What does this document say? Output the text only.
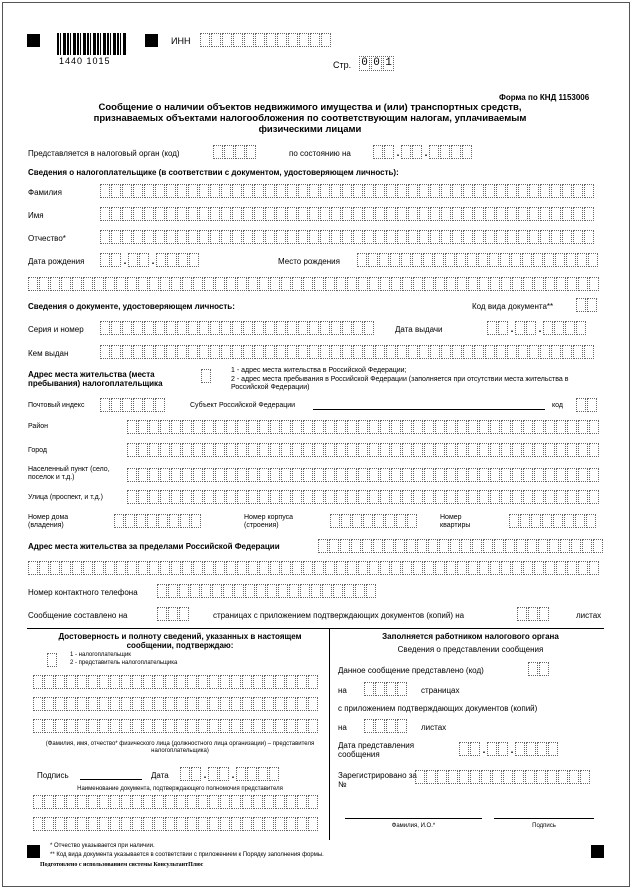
1440 1015
ИНН
Стр. 0 0 1
Форма по КНД 1153006
Сообщение о наличии объектов недвижимого имущества и (или) транспортных средств, признаваемых объектами налогообложения по соответствующим налогам, уплачиваемым физическими лицами
Представляется в налоговый орган (код)	по состоянию на	.	.
Сведения о налогоплательщике (в соответствии с документом, удостоверяющем личность):
Фамилия
Имя
Отчество*
Дата рождения	.	.	Место рождения
Сведения о документе, удостоверяющем личность:	Код вида документа**
Серия и номер	Дата выдачи	.	.
Кем выдан
Адрес места жительства (места пребывания) налогоплательщика
1 - адрес места жительства в Российской Федерации;
2 - адрес места пребывания в Российской Федерации (заполняется при отсутствии места жительства в Российской Федерации)
Почтовый индекс	Субъект Российской Федерации	код
Район
Город
Населенный пункт (село, поселок и т.д.)
Улица (проспект, и т.д.)
Номер дома (владения)
Номер корпуса (строения)
Номер квартиры
Адрес места жительства за пределами Российской Федерации
Номер контактного телефона
Сообщение составлено на	страницах с приложением подтверждающих документов (копий) на	листах
Достоверность и полноту сведений, указанных в настоящем сообщении, подтверждаю:
1 - налогоплательщик
2 - представитель налогоплательщика
(Фамилия, имя, отчество* физического лица (должностного лица организации) – представителя налогоплательщика)
Подпись	Дата	.	.
Наименование документа, подтверждающего полномочия представителя
Заполняется работником налогового органа
Сведения о представлении сообщения
Данное сообщение представлено (код)
на	страницах
с приложением подтверждающих документов (копий)
на	листах
Дата представления сообщения	.	.
Зарегистрировано за №
Фамилия, И.О.*	Подпись
* Отчество указывается при наличии.
** Код вида документа указывается в соответствии с приложением к Порядку заполнения формы.
Подготовлено с использованием системы КонсультантПлюс
